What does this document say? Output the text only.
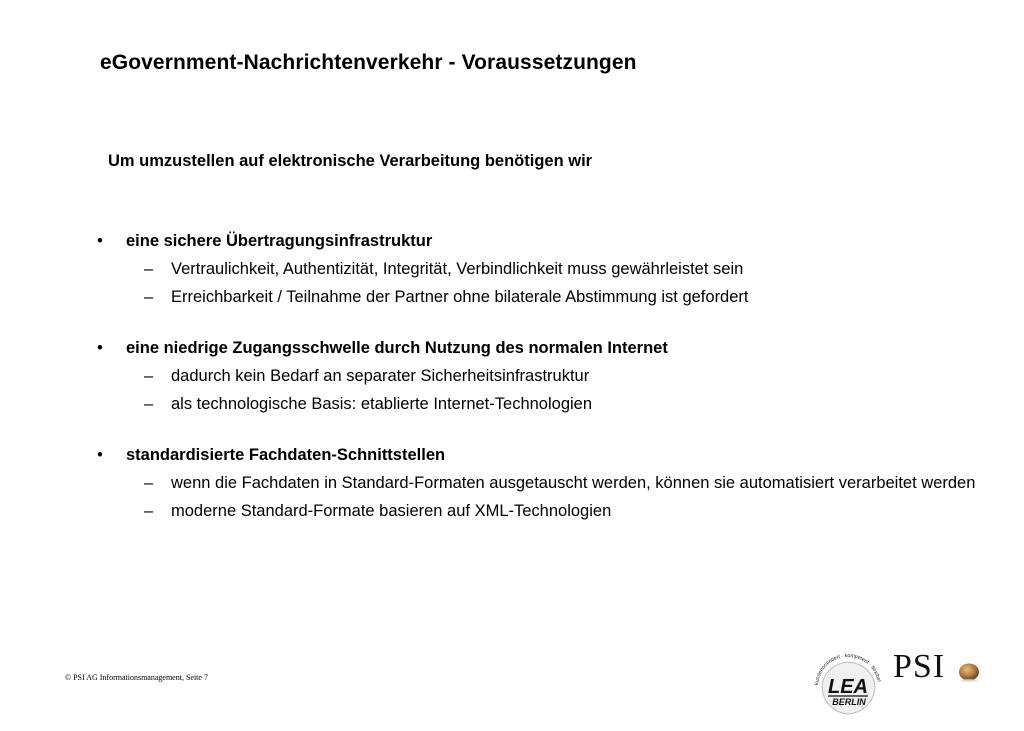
eGovernment-Nachrichtenverkehr - Voraussetzungen
Um umzustellen auf elektronische Verarbeitung benötigen wir
• eine sichere Übertragungsinfrastruktur
– Vertraulichkeit, Authentizität, Integrität, Verbindlichkeit muss gewährleistet sein
– Erreichbarkeit / Teilnahme der Partner ohne bilaterale Abstimmung ist gefordert
• eine niedrige Zugangsschwelle durch Nutzung des normalen Internet
– dadurch kein Bedarf an separater Sicherheitsinfrastruktur
– als technologische Basis: etablierte Internet-Technologien
• standardisierte Fachdaten-Schnittstellen
– wenn die Fachdaten in Standard-Formaten ausgetauscht werden, können sie automatisiert verarbeitet werden
– moderne Standard-Formate basieren auf XML-Technologien
© PSI AG Informationsmanagement, Seite 7
kundenorientiert · kompetent · flexibel
LEA
BERLIN
PSI
